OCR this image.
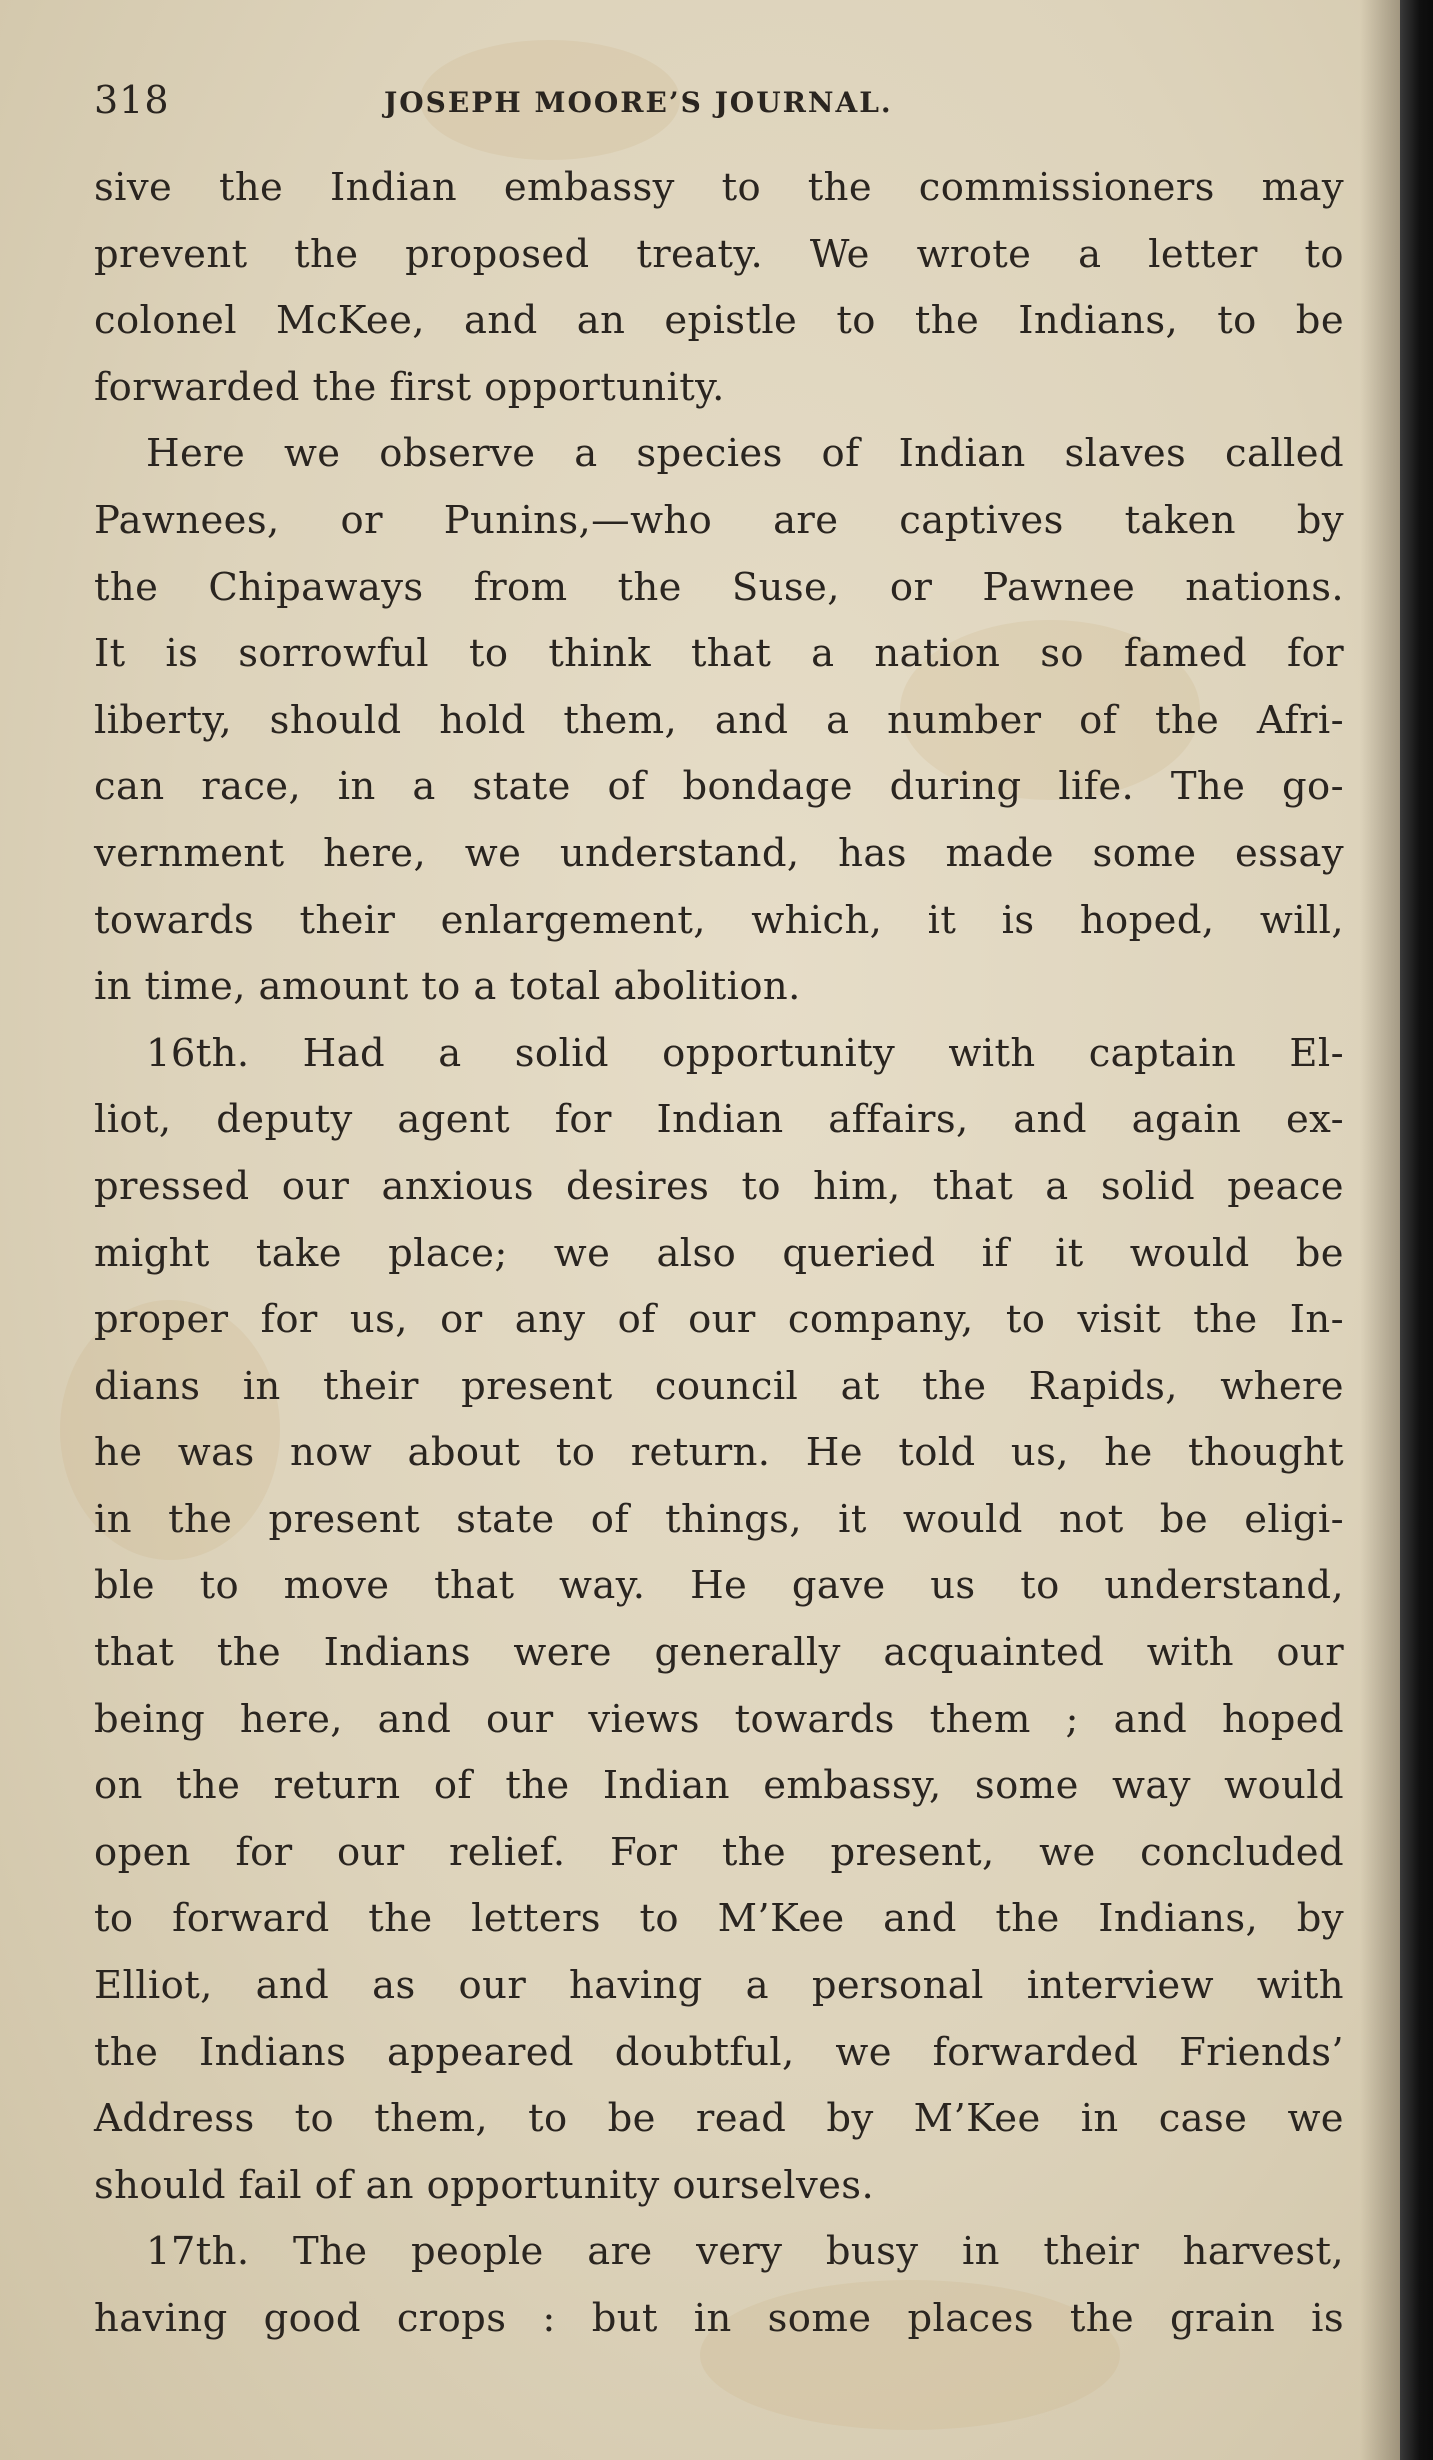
318	JOSEPH MOORE’S JOURNAL.
sive the Indian embassy to the commissioners may
prevent the proposed treaty. We wrote a letter to
colonel McKee, and an epistle to the Indians, to be
forwarded the first opportunity.
Here we observe a species of Indian slaves called
Pawnees, or Punins,—who are captives taken by
the Chipaways from the Suse, or Pawnee nations.
It is sorrowful to think that a nation so famed for
liberty, should hold them, and a number of the Afri-
can race, in a state of bondage during life. The go-
vernment here, we understand, has made some essay
towards their enlargement, which, it is hoped, will,
in time, amount to a total abolition.
16th. Had a solid opportunity with captain El-
liot, deputy agent for Indian affairs, and again ex-
pressed our anxious desires to him, that a solid peace
might take place; we also queried if it would be
proper for us, or any of our company, to visit the In-
dians in their present council at the Rapids, where
he was now about to return. He told us, he thought
in the present state of things, it would not be eligi-
ble to move that way. He gave us to understand,
that the Indians were generally acquainted with our
being here, and our views towards them ; and hoped
on the return of the Indian embassy, some way would
open for our relief. For the present, we concluded
to forward the letters to M’Kee and the Indians, by
Elliot, and as our having a personal interview with
the Indians appeared doubtful, we forwarded Friends’
Address to them, to be read by M’Kee in case we
should fail of an opportunity ourselves.
17th. The people are very busy in their harvest,
having good crops : but in some places the grain is
